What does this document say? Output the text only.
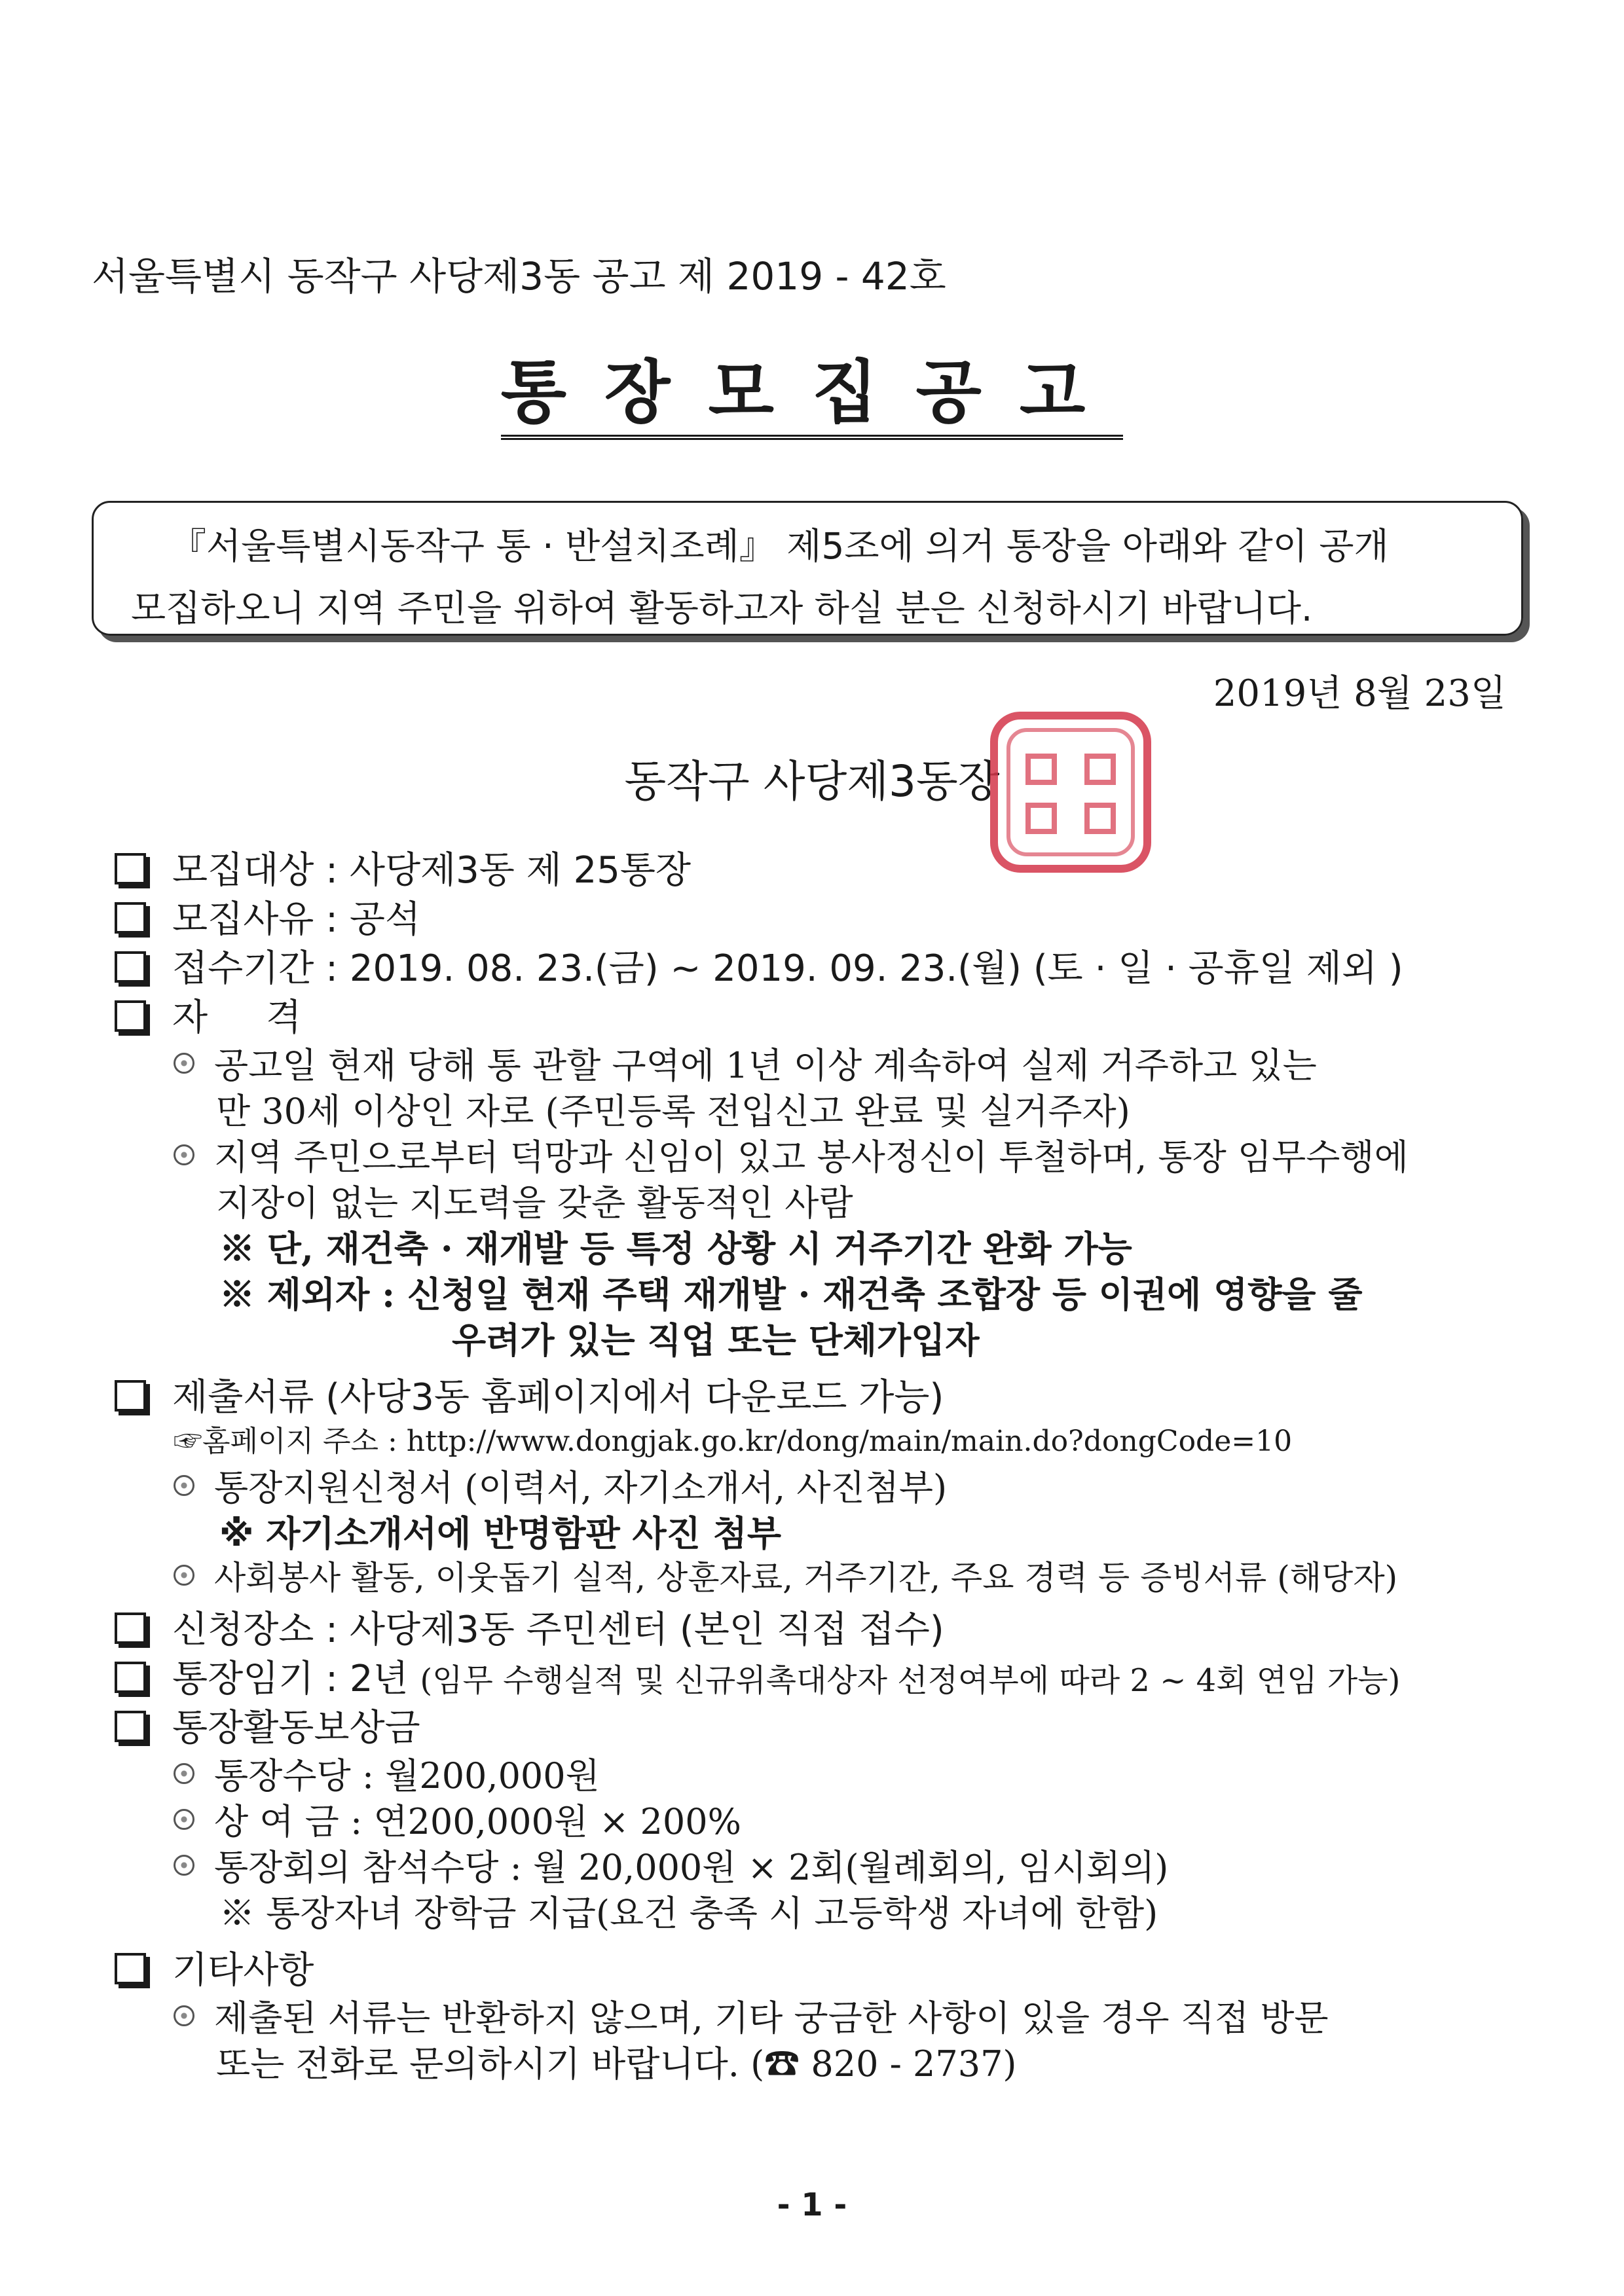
서울특별시 동작구 사당제3동 공고 제 2019 - 42호
통장모집공고
『서울특별시동작구 통 · 반설치조례』 제5조에 의거 통장을 아래와 같이 공개
모집하오니 지역 주민을 위하여 활동하고자 하실 분은 신청하시기 바랍니다.
2019년 8월 23일
동작구 사당제3동장
모집대상 : 사당제3동 제 25통장
모집사유 : 공석
접수기간 : 2019. 08. 23.(금) ~ 2019. 09. 23.(월) (토 · 일 · 공휴일 제외 )
자     격
공고일 현재 당해 통 관할 구역에 1년 이상 계속하여 실제 거주하고 있는
만 30세 이상인 자로 (주민등록 전입신고 완료 및 실거주자)
지역 주민으로부터 덕망과 신임이 있고 봉사정신이 투철하며, 통장 임무수행에
지장이 없는 지도력을 갖춘 활동적인 사람
※ 단, 재건축 · 재개발 등 특정 상황 시 거주기간 완화 가능
※ 제외자 : 신청일 현재 주택 재개발 · 재건축 조합장 등 이권에 영향을 줄
우려가 있는 직업 또는 단체가입자
제출서류 (사당3동 홈페이지에서 다운로드 가능)
☞홈페이지 주소 : http://www.dongjak.go.kr/dong/main/main.do?dongCode=10
통장지원신청서 (이력서, 자기소개서, 사진첨부)
※ 자기소개서에 반명함판 사진 첨부
사회봉사 활동, 이웃돕기 실적, 상훈자료, 거주기간, 주요 경력 등 증빙서류 (해당자)
신청장소 : 사당제3동 주민센터 (본인 직접 접수)
통장임기 : 2년 (임무 수행실적 및 신규위촉대상자 선정여부에 따라 2 ~ 4회 연임 가능)
통장활동보상금
통장수당 : 월200,000원
상 여 금 : 연200,000원 × 200%
통장회의 참석수당 : 월 20,000원 × 2회(월례회의, 임시회의)
※ 통장자녀 장학금 지급(요건 충족 시 고등학생 자녀에 한함)
기타사항
제출된 서류는 반환하지 않으며, 기타 궁금한 사항이 있을 경우 직접 방문
또는 전화로 문의하시기 바랍니다. (☎ 820 - 2737)
- 1 -
